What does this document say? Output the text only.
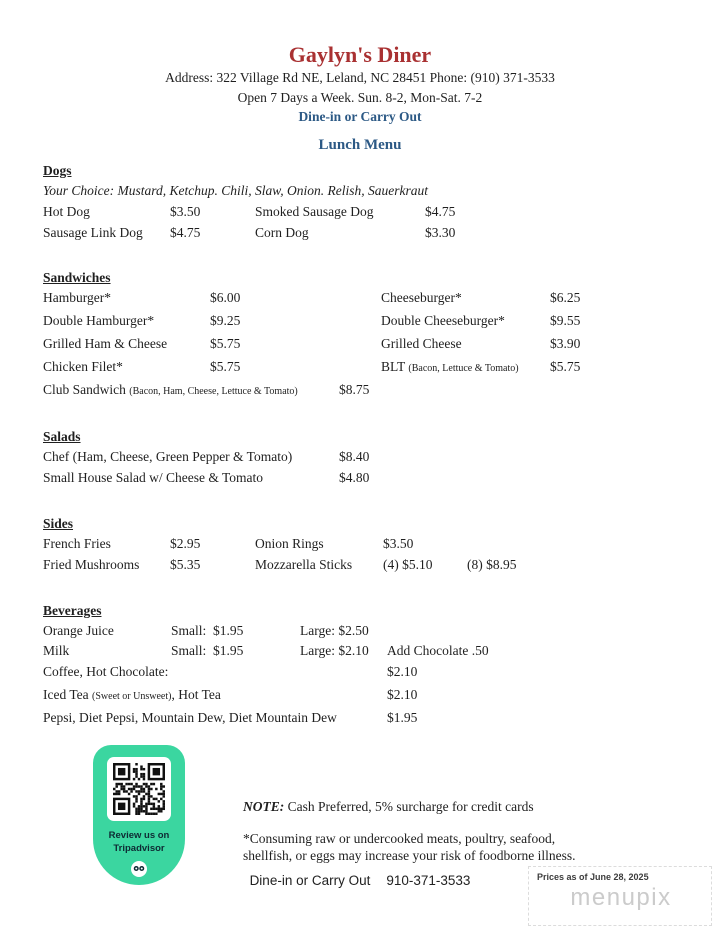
Gaylyn's Diner
Address: 322 Village Rd NE, Leland, NC 28451 Phone: (910) 371-3533
Open 7 Days a Week. Sun. 8-2, Mon-Sat. 7-2
Dine-in or Carry Out
Lunch Menu
Dogs
Your Choice: Mustard, Ketchup. Chili, Slaw, Onion. Relish, Sauerkraut
Hot Dog	$3.50	Smoked Sausage Dog	$4.75
Sausage Link Dog	$4.75	Corn Dog	$3.30
Sandwiches
Hamburger*	$6.00	Cheeseburger*	$6.25
Double Hamburger*	$9.25	Double Cheeseburger*	$9.55
Grilled Ham & Cheese	$5.75	Grilled Cheese	$3.90
Chicken Filet*	$5.75	BLT (Bacon, Lettuce & Tomato)	$5.75
Club Sandwich (Bacon, Ham, Cheese, Lettuce & Tomato)	$8.75
Salads
Chef (Ham, Cheese, Green Pepper & Tomato)	$8.40
Small House Salad w/ Cheese & Tomato	$4.80
Sides
French Fries	$2.95	Onion Rings	$3.50
Fried Mushrooms	$5.35	Mozzarella Sticks	(4) $5.10	(8) $8.95
Beverages
Orange Juice	Small:  $1.95	Large: $2.50
Milk	Small:  $1.95	Large: $2.10	Add Chocolate .50
Coffee, Hot Chocolate:	$2.10
Iced Tea (Sweet or Unsweet), Hot Tea	$2.10
Pepsi, Diet Pepsi, Mountain Dew, Diet Mountain Dew	$1.95
Review us on
Tripadvisor
NOTE: Cash Preferred, 5% surcharge for credit cards
*Consuming raw or undercooked meats, poultry, seafood,
shellfish, or eggs may increase your risk of foodborne illness.
Dine-in or Carry Out 910-371-3533	Prices as of June 28, 2025
menupix
